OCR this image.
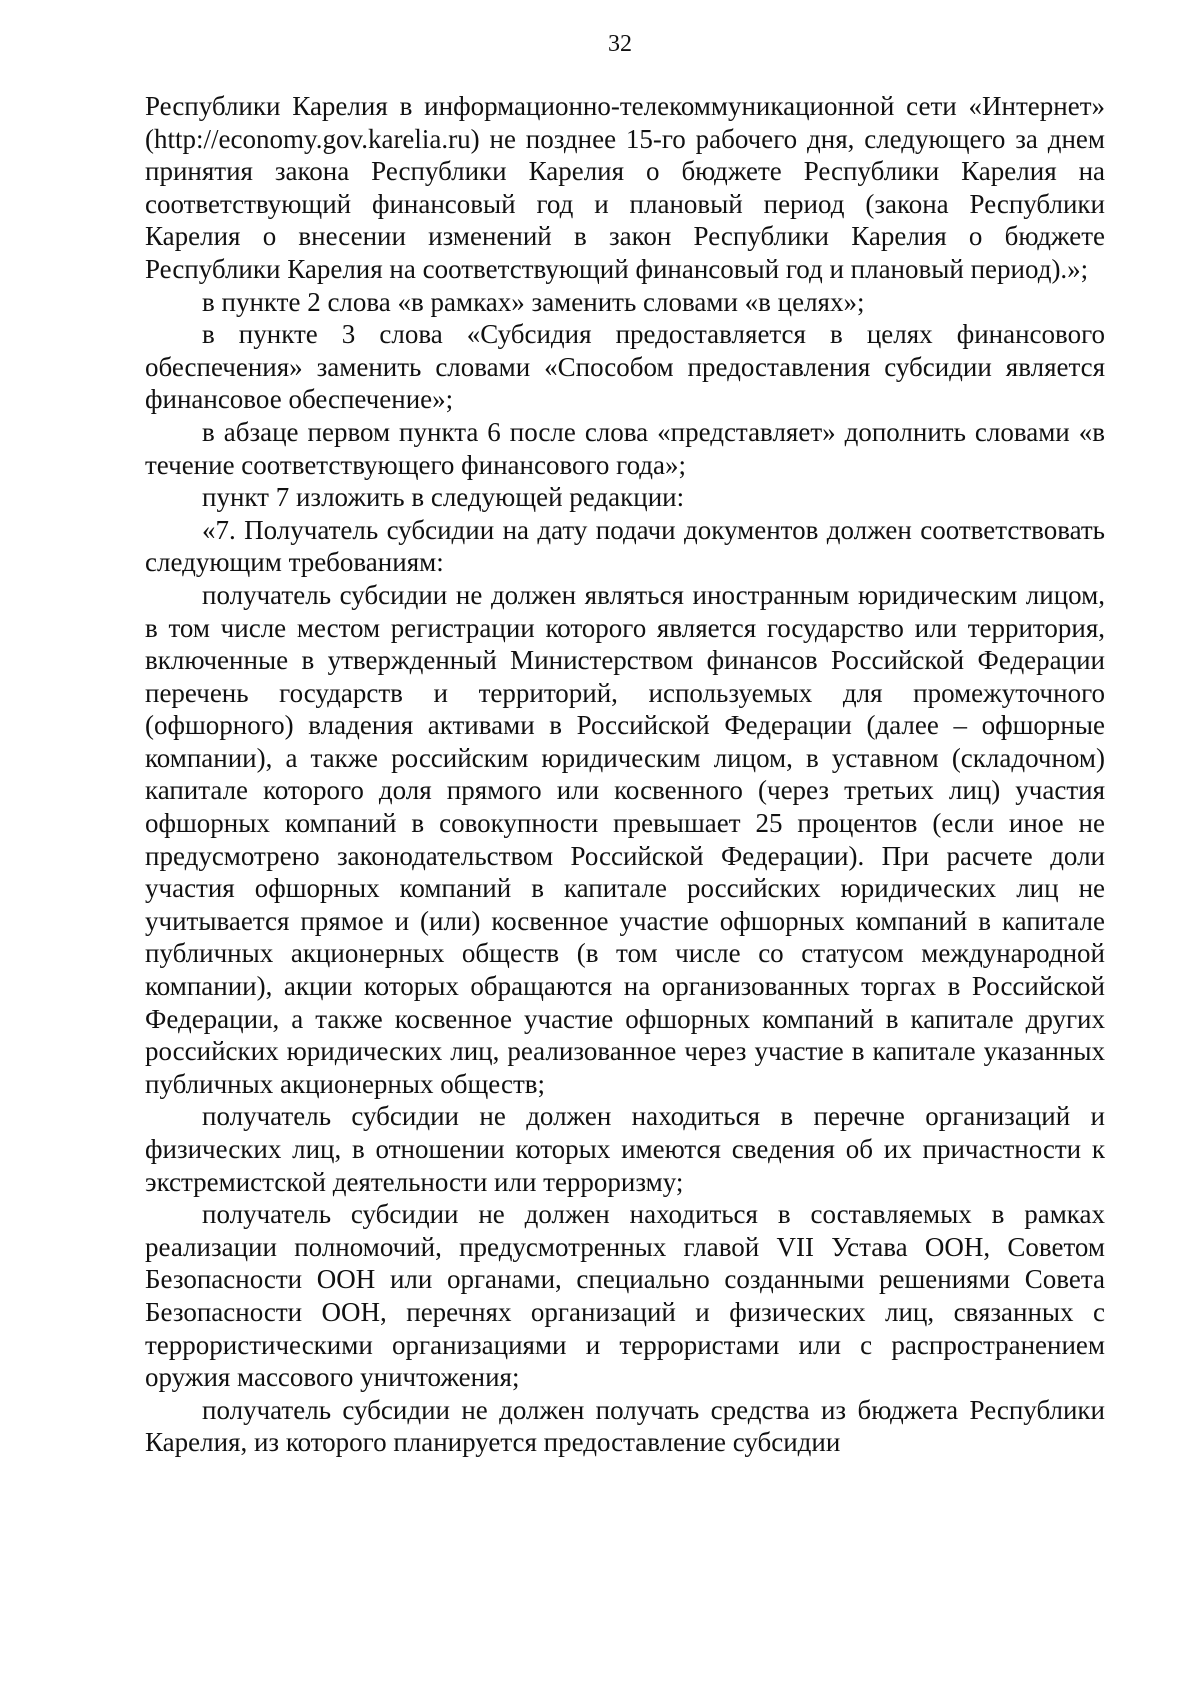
32

Республики Карелия в информационно-телекоммуникационной сети «Интернет» (http://economy.gov.karelia.ru) не позднее 15-го рабочего дня, следующего за днем принятия закона Республики Карелия о бюджете Республики Карелия на соответствующий финансовый год и плановый период (закона Республики Карелия о внесении изменений в закон Республики Карелия о бюджете Республики Карелия на соответствующий финансовый год и плановый период).»;

в пункте 2 слова «в рамках» заменить словами «в целях»;

в пункте 3 слова «Субсидия предоставляется в целях финансового обеспечения» заменить словами «Способом предоставления субсидии является финансовое обеспечение»;

в абзаце первом пункта 6 после слова «представляет» дополнить словами «в течение соответствующего финансового года»;

пункт 7 изложить в следующей редакции:

«7. Получатель субсидии на дату подачи документов должен соответствовать следующим требованиям:

получатель субсидии не должен являться иностранным юридическим лицом, в том числе местом регистрации которого является государство или территория, включенные в утвержденный Министерством финансов Российской Федерации перечень государств и территорий, используемых для промежуточного (офшорного) владения активами в Российской Федерации (далее – офшорные компании), а также российским юридическим лицом, в уставном (складочном) капитале которого доля прямого или косвенного (через третьих лиц) участия офшорных компаний в совокупности превышает 25 процентов (если иное не предусмотрено законодательством Российской Федерации). При расчете доли участия офшорных компаний в капитале российских юридических лиц не учитывается прямое и (или) косвенное участие офшорных компаний в капитале публичных акционерных обществ (в том числе со статусом международной компании), акции которых обращаются на организованных торгах в Российской Федерации, а также косвенное участие офшорных компаний в капитале других российских юридических лиц, реализованное через участие в капитале указанных публичных акционерных обществ;

получатель субсидии не должен находиться в перечне организаций и физических лиц, в отношении которых имеются сведения об их причастности к экстремистской деятельности или терроризму;

получатель субсидии не должен находиться в составляемых в рамках реализации полномочий, предусмотренных главой VII Устава ООН, Советом Безопасности ООН или органами, специально созданными решениями Совета Безопасности ООН, перечнях организаций и физических лиц, связанных с террористическими организациями и террористами или с распространением оружия массового уничтожения;

получатель субсидии не должен получать средства из бюджета Республики Карелия, из которого планируется предоставление субсидии
